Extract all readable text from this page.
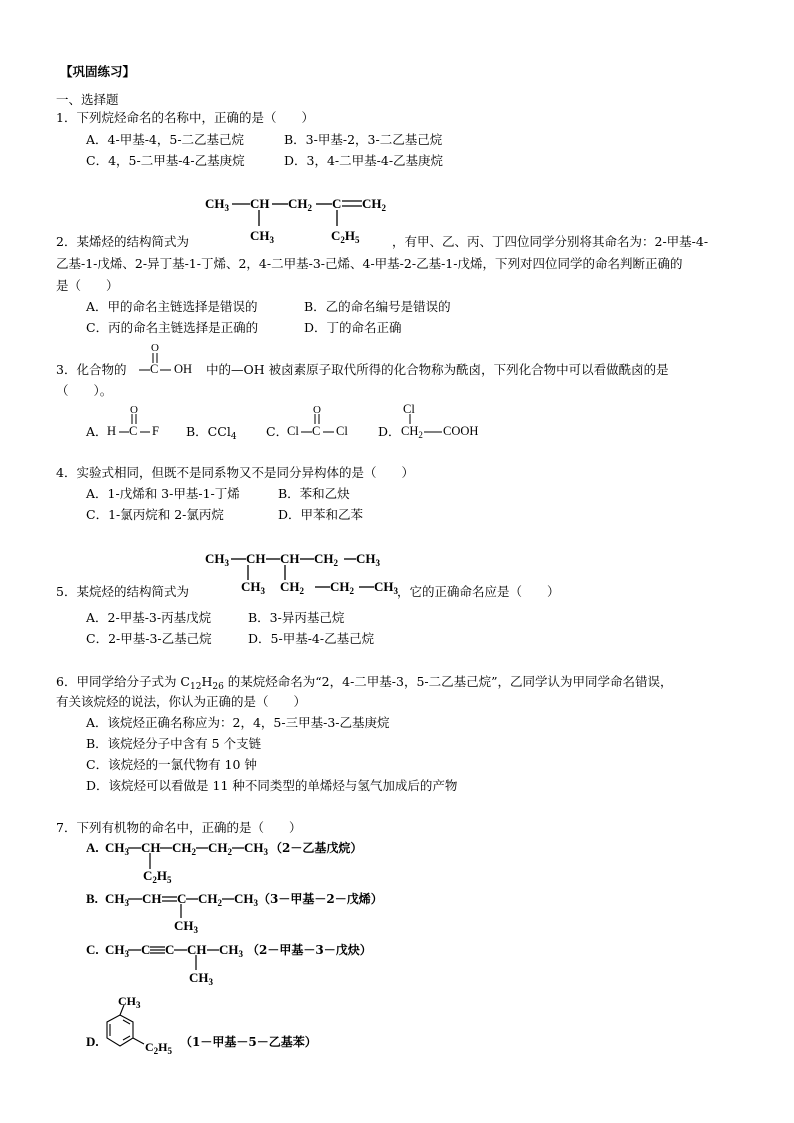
【巩固练习】
一、选择题
1．下列烷烃命名的名称中，正确的是（　　）
A．4-甲基-4，5-二乙基己烷	B．3-甲基-2，3-二乙基己烷
C．4，5-二甲基-4-乙基庚烷	D．3，4-二甲基-4-乙基庚烷
$CH_3$ CH $CH_2$ C $CH_2$
$CH_3$	$C_2H_5$
2．某烯烃的结构简式为	，有甲、乙、丙、丁四位同学分别将其命名为：2-甲基-4-
乙基-1-戊烯、2-异丁基-1-丁烯、2，4-二甲基-3-己烯、4-甲基-2-乙基-1-戊烯，下列对四位同学的命名判断正确的
是（　　）
A．甲的命名主链选择是错误的	B．乙的命名编号是错误的
C．丙的命名主链选择是正确的	D．丁的命名正确
3．化合物的
O
C OH 中的—OH 被卤素原子取代所得的化合物称为酰卤，下列化合物中可以看做酰卤的是
（　　）。
A． H C
O
F B．CCl$_4$ C．
Cl C
O
Cl D．
Cl
$CH_2$ COOH
4．实验式相同，但既不是同系物又不是同分异构体的是（　　）
A．1-戊烯和 3-甲基-1-丁烯	B．苯和乙炔
C．1-氯丙烷和 2-氯丙烷	D．甲苯和乙苯
$CH_3$ CH CH $CH_2$ $CH_3$
$CH_3$ $CH_2$ $CH_2$ $CH_3$
5．某烷烃的结构简式为	，它的正确命名应是（　　）
A．2-甲基-3-丙基戊烷	B．3-异丙基己烷
C．2-甲基-3-乙基己烷	D．5-甲基-4-乙基己烷
6．甲同学给分子式为 $C_{12}H_{26}$ 的某烷烃命名为“2，4-二甲基-3，5-二乙基己烷”，乙同学认为甲同学命名错误，
有关该烷烃的说法，你认为正确的是（　　）
A．该烷烃正确名称应为：2，4，5-三甲基-3-乙基庚烷
B．该烷烃分子中含有 5 个支链
C．该烷烃的一氯代物有 10 钟
D．该烷烃可以看做是 11 种不同类型的单烯烃与氢气加成后的产物
7．下列有机物的命名中，正确的是（　　）
A. $CH_3$ CH $CH_2$ $CH_2$ $CH_3$
$C_2H_5$
（2－乙基戊烷）
B. $CH_3$ CH C $CH_2$ $CH_3$
$CH_3$
（3－甲基－2－戊烯）
C. $CH_3$ C C CH $CH_3$
$CH_3$
（2－甲基－3－戊炔）
D.
$CH_3$
$C_2H_5$
（1－甲基－5－乙基苯）
